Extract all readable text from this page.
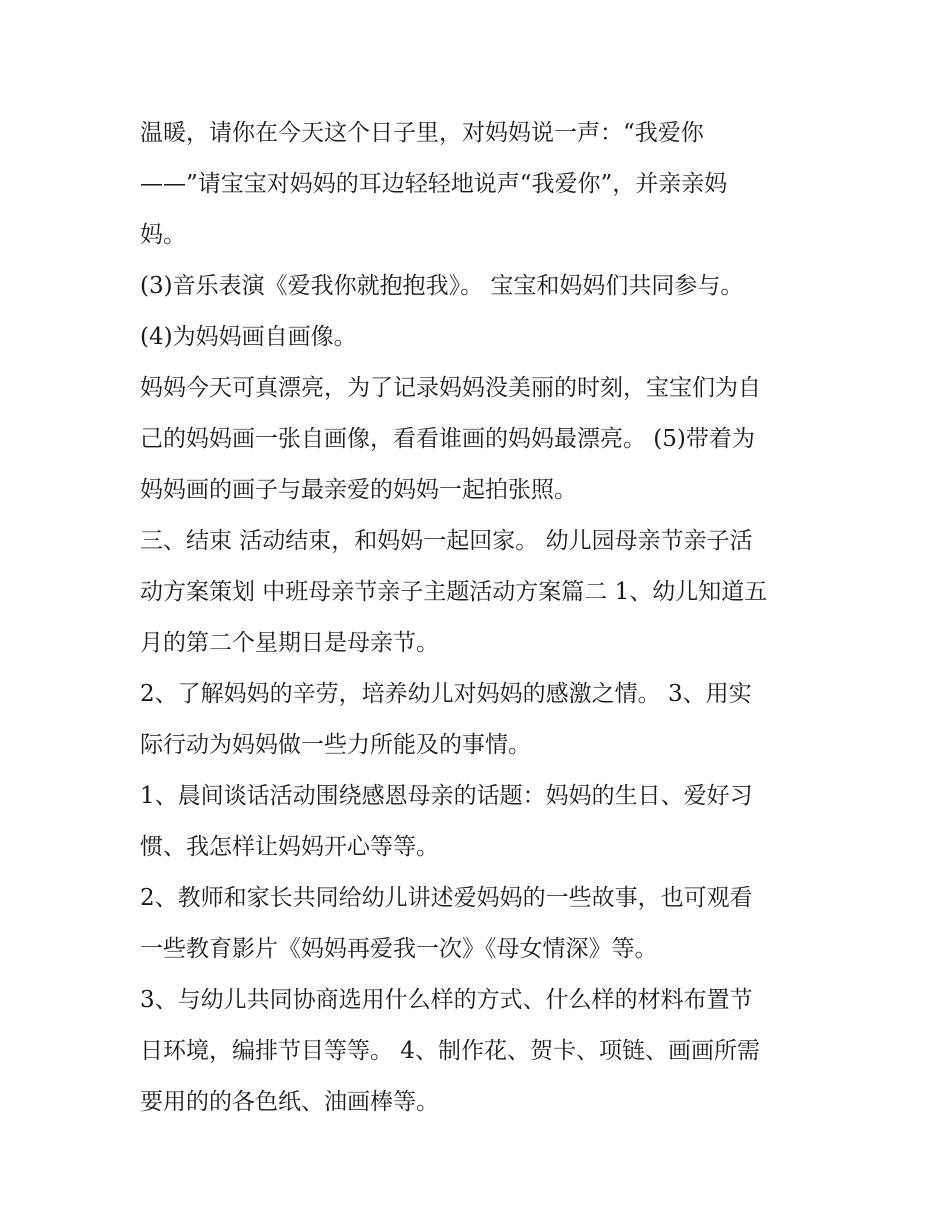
温暖，请你在今天这个日子里，对妈妈说一声：“我爱你
——”请宝宝对妈妈的耳边轻轻地说声“我爱你”，并亲亲妈
妈。

(3)音乐表演《爱我你就抱抱我》。 宝宝和妈妈们共同参与。

(4)为妈妈画自画像。

妈妈今天可真漂亮，为了记录妈妈没美丽的时刻，宝宝们为自
己的妈妈画一张自画像，看看谁画的妈妈最漂亮。 (5)带着为
妈妈画的画子与最亲爱的妈妈一起拍张照。

三、结束 活动结束，和妈妈一起回家。 幼儿园母亲节亲子活
动方案策划 中班母亲节亲子主题活动方案篇二 1、幼儿知道五
月的第二个星期日是母亲节。

2、了解妈妈的辛劳，培养幼儿对妈妈的感激之情。 3、用实
际行动为妈妈做一些力所能及的事情。

1、晨间谈话活动围绕感恩母亲的话题：妈妈的生日、爱好习
惯、我怎样让妈妈开心等等。

2、教师和家长共同给幼儿讲述爱妈妈的一些故事，也可观看
一些教育影片《妈妈再爱我一次》《母女情深》等。

3、与幼儿共同协商选用什么样的方式、什么样的材料布置节
日环境，编排节目等等。 4、制作花、贺卡、项链、画画所需
要用的的各色纸、油画棒等。
